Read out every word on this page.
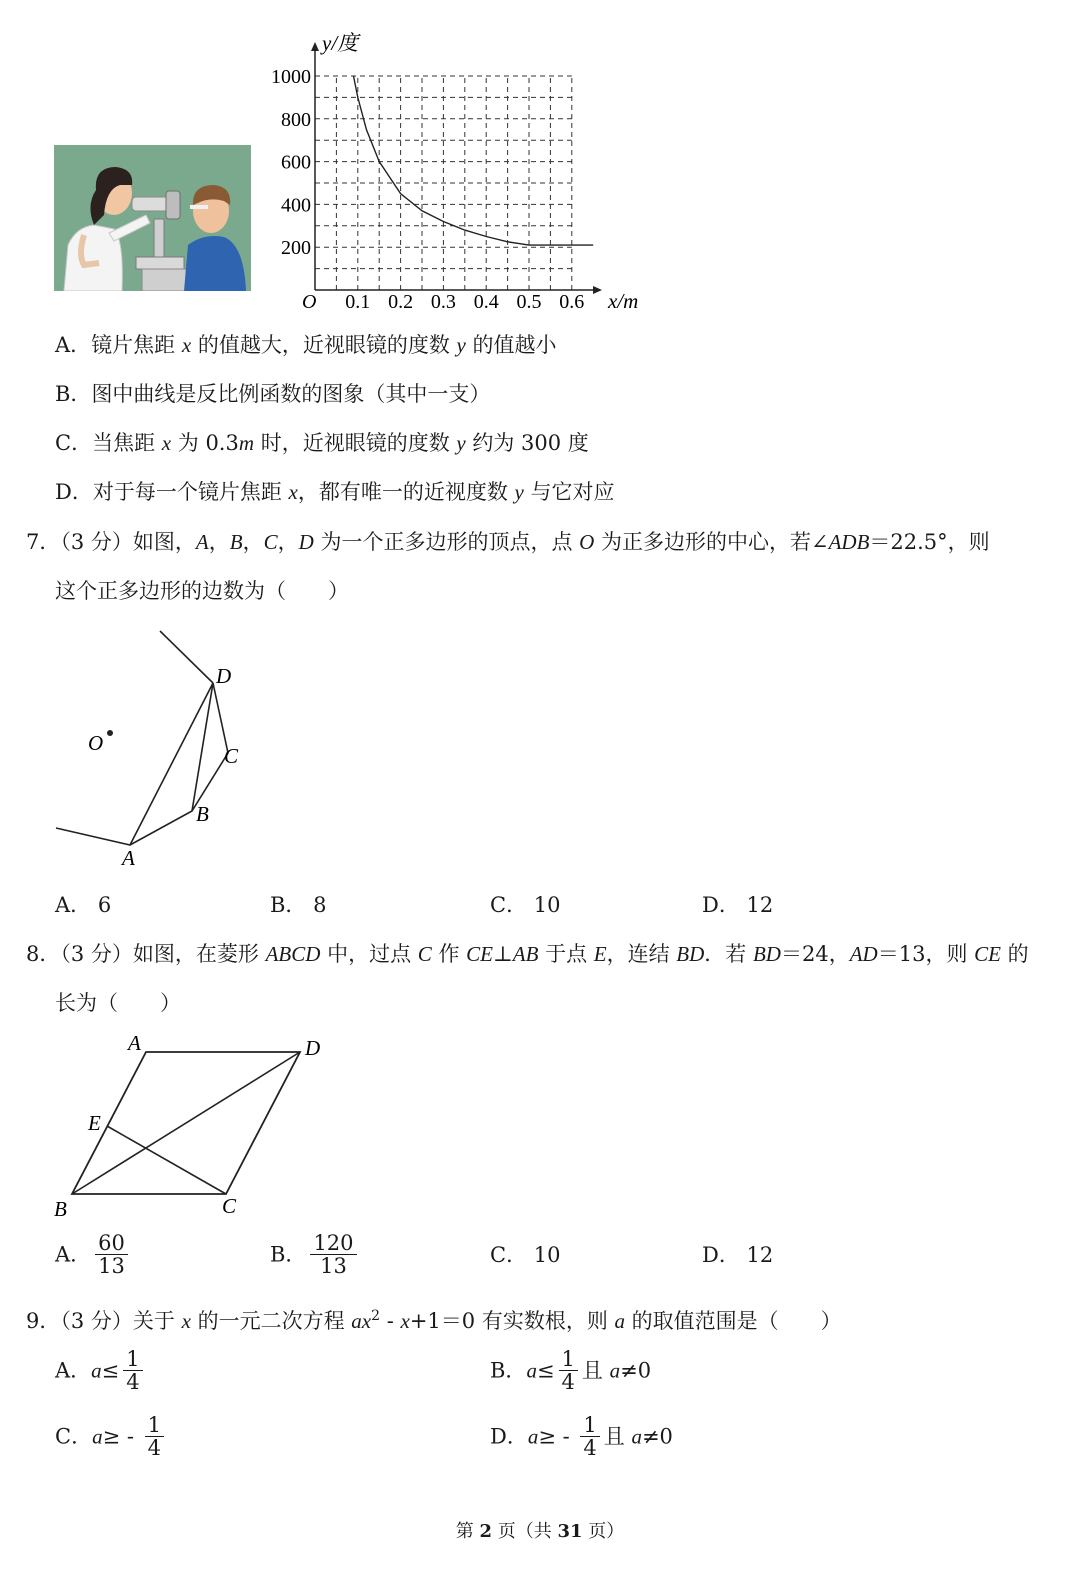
0.1 0.2 0.3 0.4 0.5 0.6
200
400
600
800
1000
y/度
x/m
O
A．镜片焦距 x 的值越大，近视眼镜的度数 y 的值越小
B．图中曲线是反比例函数的图象（其中一支）
C．当焦距 x 为 0.3m 时，近视眼镜的度数 y 约为 300 度
D．对于每一个镜片焦距 x，都有唯一的近视度数 y 与它对应
7．（3 分）如图，A，B，C，D 为一个正多边形的顶点，点 O 为正多边形的中心，若∠ADB＝22.5°，则
这个正多边形的边数为（　　）
O
D
C
B
A
A． 6	B． 8	C． 10	D． 12
8．（3 分）如图，在菱形 ABCD 中，过点 C 作 CE⊥AB 于点 E，连结 BD．若 BD＝24，AD＝13，则 CE 的
长为（　　）
A	D
E
B	C
A． $\frac{60}{13}$	B． $\frac{120}{13}$	C． 10	D． 12
9．（3 分）关于 x 的一元二次方程 $ax^2 - x+1=0$ 有实数根，则 a 的取值范围是（　　）
A．$a\le \frac{1}{4}$	B．$a\le \frac{1}{4}$ 且 a≠0
C．$a\ge - \frac{1}{4}$	D．$a\ge - \frac{1}{4}$ 且 a≠0
第 2 页（共 31 页）
